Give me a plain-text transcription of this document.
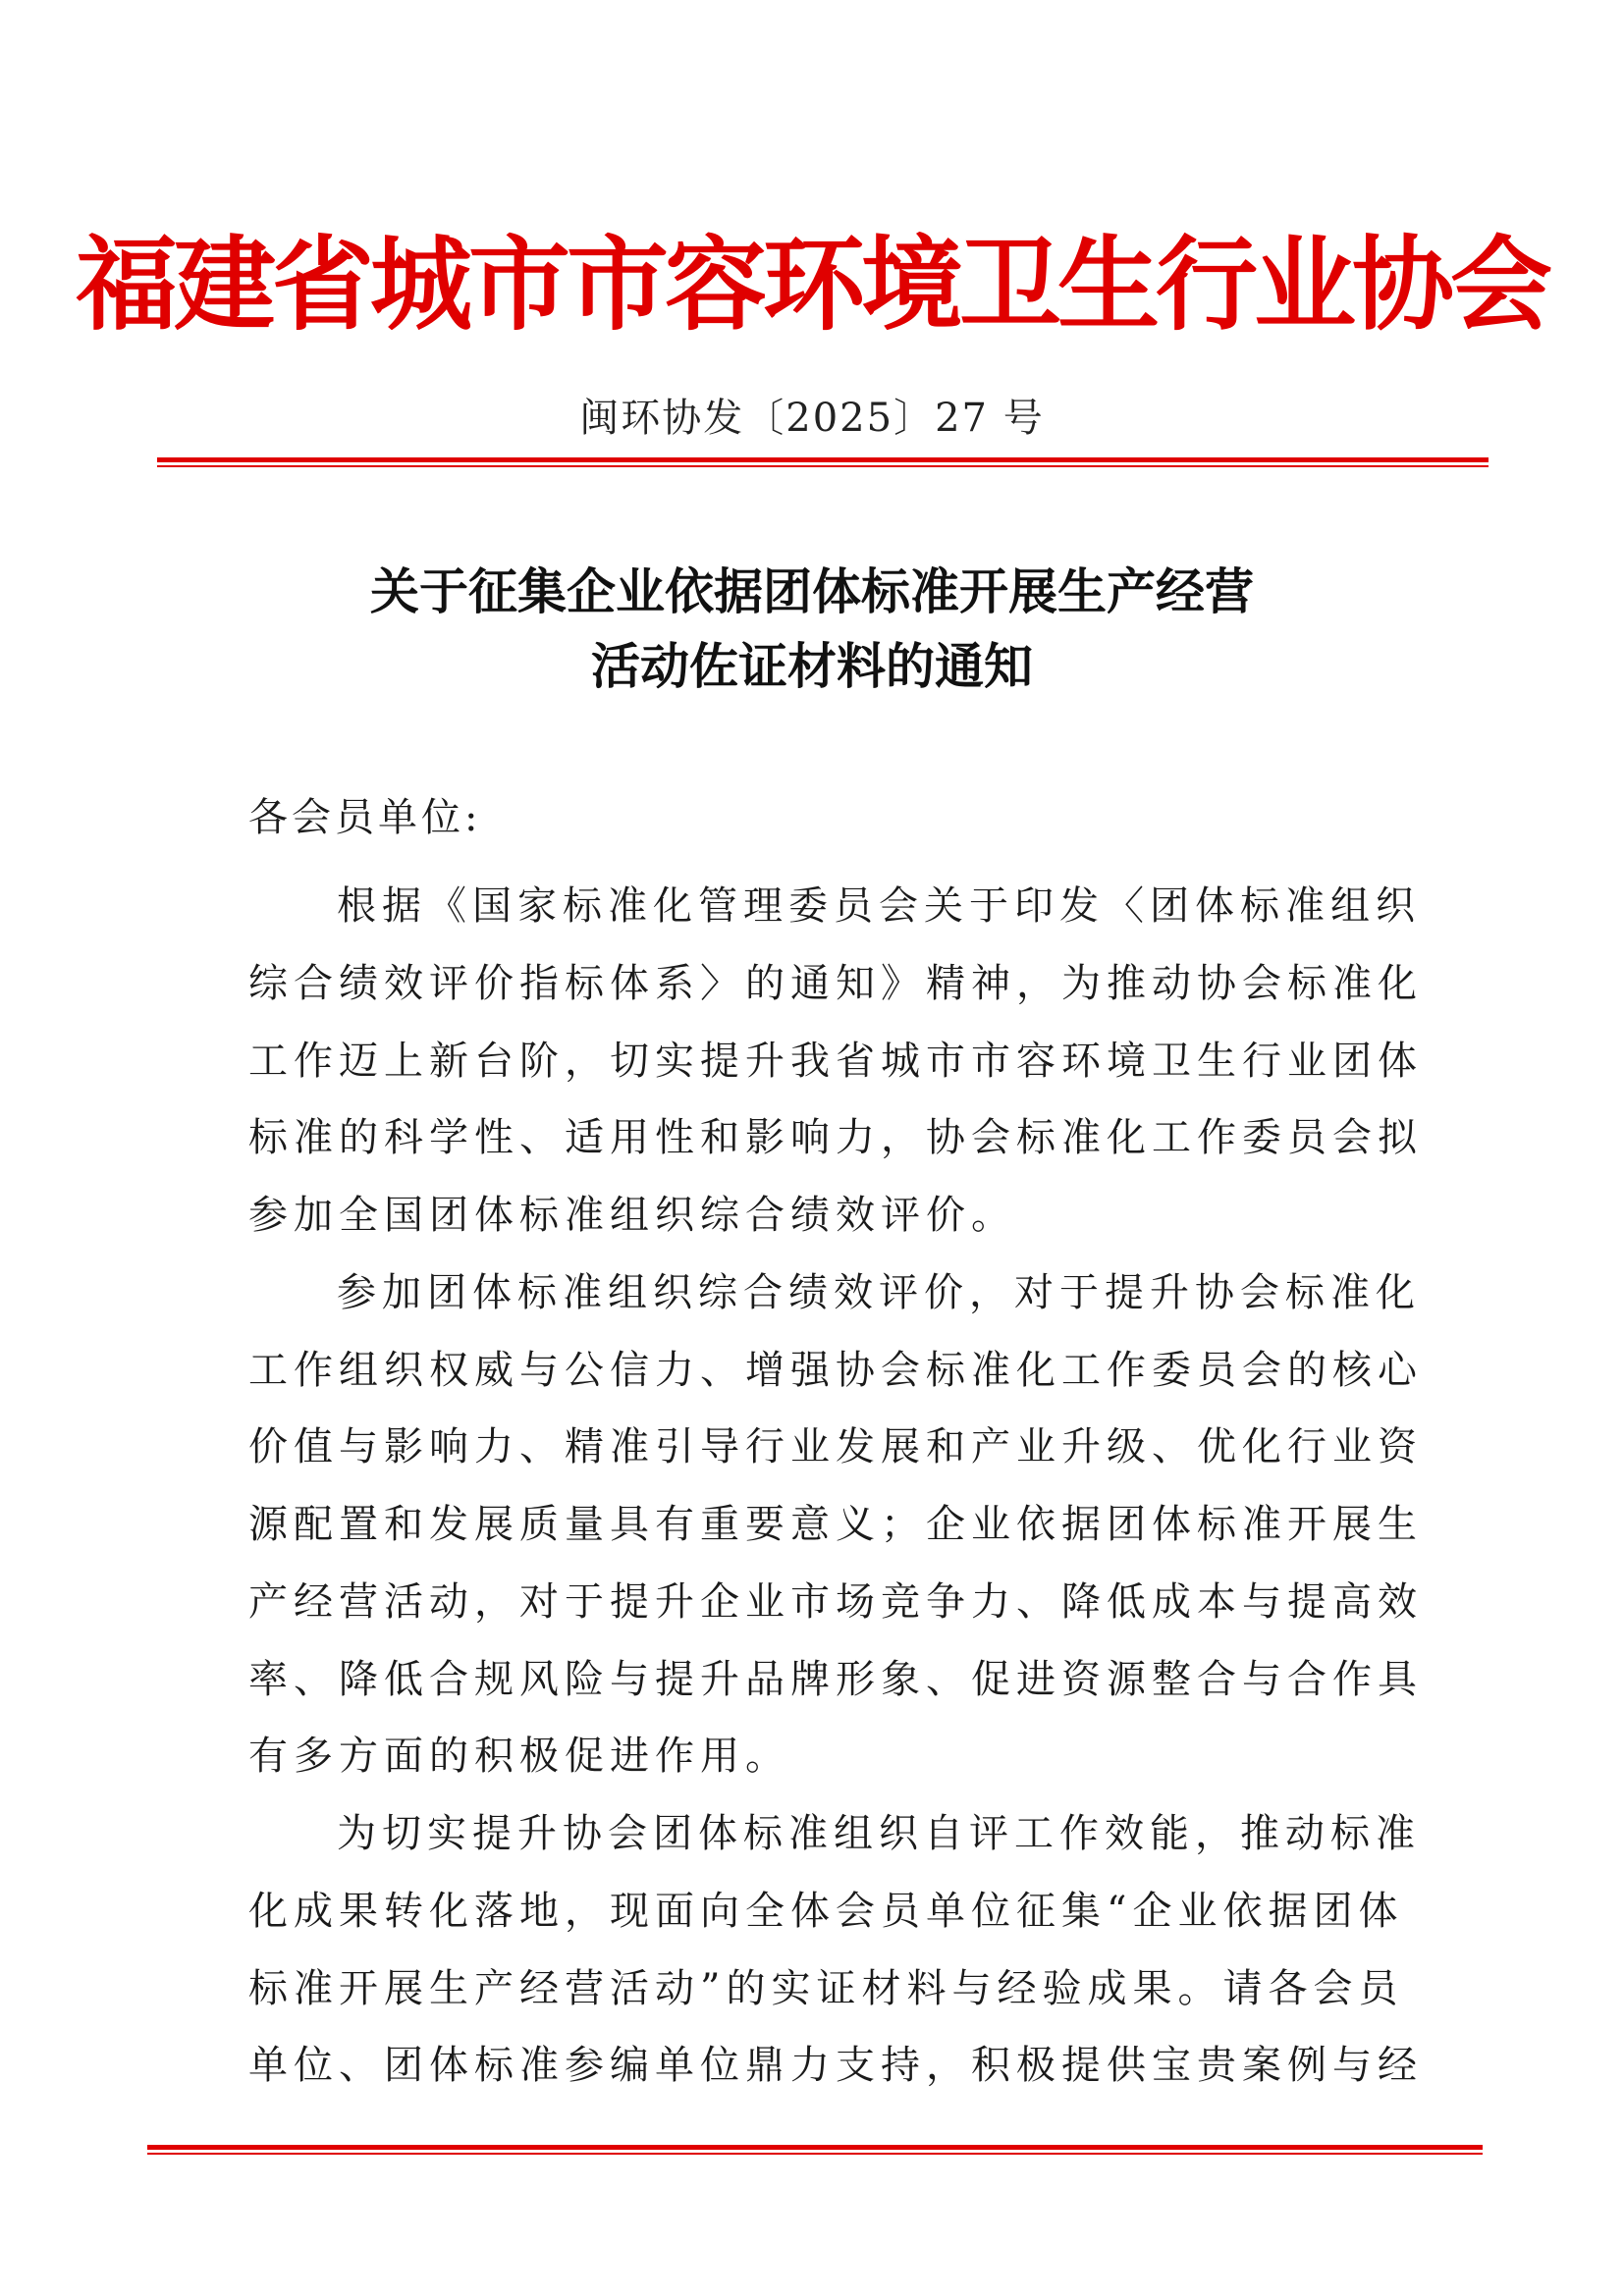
福建省城市市容环境卫生行业协会
闽环协发〔2025〕27 号
关于征集企业依据团体标准开展生产经营
活动佐证材料的通知
各会员单位:
根据《国家标准化管理委员会关于印发〈团体标准组织
综合绩效评价指标体系〉的通知》精神，为推动协会标准化
工作迈上新台阶，切实提升我省城市市容环境卫生行业团体
标准的科学性、适用性和影响力，协会标准化工作委员会拟
参加全国团体标准组织综合绩效评价。
参加团体标准组织综合绩效评价，对于提升协会标准化
工作组织权威与公信力、增强协会标准化工作委员会的核心
价值与影响力、精准引导行业发展和产业升级、优化行业资
源配置和发展质量具有重要意义；企业依据团体标准开展生
产经营活动，对于提升企业市场竞争力、降低成本与提高效
率、降低合规风险与提升品牌形象、促进资源整合与合作具
有多方面的积极促进作用。
为切实提升协会团体标准组织自评工作效能，推动标准
化成果转化落地，现面向全体会员单位征集“企业依据团体
标准开展生产经营活动”的实证材料与经验成果。请各会员
单位、团体标准参编单位鼎力支持，积极提供宝贵案例与经
